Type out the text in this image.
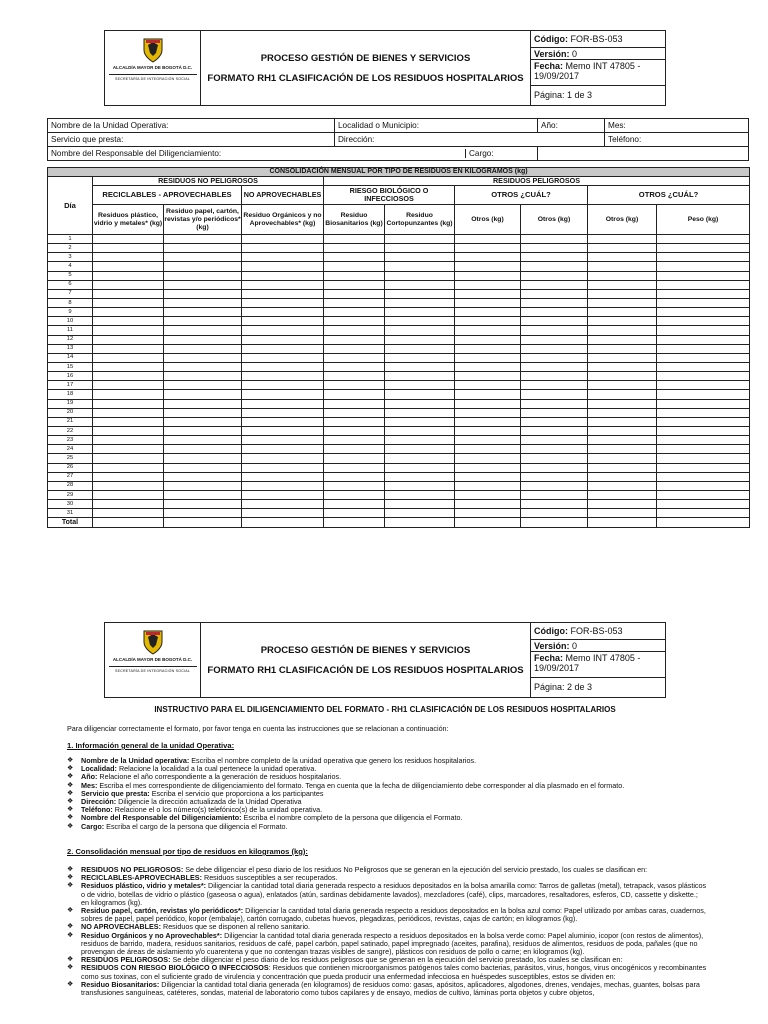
ALCALDÍA MAYOR DE BOGOTÁ D.C.
SECRETARÍA DE INTEGRACIÓN SOCIAL
PROCESO GESTIÓN DE BIENES Y SERVICIOS
FORMATO RH1 CLASIFICACIÓN DE LOS RESIDUOS HOSPITALARIOS
Código: FOR-BS-053
Versión: 0
Fecha: Memo INT 47805 - 19/09/2017
Página: 1 de 3
Nombre de la Unidad Operativa:	Localidad o Municipio:	Año:	Mes:
Servicio que presta:	Dirección:		Teléfono:

Nombre del Responsable del Diligenciamiento: Cargo:			

CONSOLIDACIÓN MENSUAL POR TIPO DE RESIDUOS EN KILOGRAMOS (kg)									
Día	RESIDUOS NO PELIGROSOS			RESIDUOS PELIGROSOS					
	RECICLABLES - APROVECHABLES		NO APROVECHABLES	RIESGO BIOLÓGICO O INFECCIOSOS		OTROS ¿CUÁL?		OTROS ¿CUÁL?	
	Residuos plástico, vidrio y metales* (kg)	Residuo papel, cartón, revistas y/o periódicos* (kg)	Residuo Orgánicos y no Aprovechables* (kg)	Residuo Biosanitarios (kg)	Residuo Cortopunzantes (kg)	Otros (kg)	Otros (kg)	Otros (kg)	Peso (kg)
1									
2									
3									
4									
5									
6									
7									
8									
9									
10									
11									
12									
13									
14									
15									
16									
17									
18									
19									
20									
21									
22									
23									
24									
25									
26									
27									
28									
29									
30									
31									
Total									
ALCALDÍA MAYOR DE BOGOTÁ D.C.
SECRETARÍA DE INTEGRACIÓN SOCIAL
PROCESO GESTIÓN DE BIENES Y SERVICIOS
FORMATO RH1 CLASIFICACIÓN DE LOS RESIDUOS HOSPITALARIOS
Código: FOR-BS-053
Versión: 0
Fecha: Memo INT 47805 - 19/09/2017
Página: 2 de 3
INSTRUCTIVO PARA EL DILIGENCIAMIENTO DEL FORMATO - RH1 CLASIFICACIÓN DE LOS RESIDUOS HOSPITALARIOS
Para diligenciar correctamente el formato, por favor tenga en cuenta las instrucciones que se relacionan a continuación:
1. Información general de la unidad Operativa:
❖ Nombre de la Unidad operativa: Escriba el nombre completo de la unidad operativa que genero los residuos hospitalarios.
❖ Localidad: Relacione la localidad a la cual pertenece la unidad operativa.
❖ Año: Relacione el año correspondiente a la generación de residuos hospitalarios.
❖ Mes: Escriba el mes correspondiente de diligenciamiento del formato. Tenga en cuenta que la fecha de diligenciamiento debe corresponder al día plasmado en el formato.
❖ Servicio que presta: Escriba el servicio que proporciona a los participantes
❖ Dirección: Diligencie la dirección actualizada de la Unidad Operativa
❖ Teléfono: Relacione el o los número(s) telefónico(s) de la unidad operativa.
❖ Nombre del Responsable del Diligenciamiento: Escriba el nombre completo de la persona que diligencia el Formato.
❖ Cargo: Escriba el cargo de la persona que diligencia el Formato.
2. Consolidación mensual por tipo de residuos en kilogramos (kg):
❖ RESIDUOS NO PELIGROSOS: Se debe diligenciar el peso diario de los residuos No Peligrosos que se generan en la ejecución del servicio prestado, los cuales se clasifican en:
❖ RECICLABLES-APROVECHABLES: Residuos susceptibles a ser recuperados.
❖ Residuos plástico, vidrio y metales*: Diligenciar la cantidad total diaria generada respecto a residuos depositados en la bolsa amarilla como: Tarros de galletas (metal), tetrapack, vasos plásticos o de vidrio, botellas de vidrio o plástico (gaseosa o agua), enlatados (atún, sardinas debidamente lavados), mezcladores (café), clips, marcadores, resaltadores, esferos, CD, cassette y diskette.; en kilogramos (kg).
❖ Residuo papel, cartón, revistas y/o periódicos*: Diligenciar la cantidad total diaria generada respecto a residuos depositados en la bolsa azul como: Papel utilizado por ambas caras, cuadernos, sobres de papel, papel periódico, kopor (embalaje), cartón corrugado, cubetas huevos, plegadizas, periódicos, revistas, cajas de cartón; en kilogramos (kg).
❖ NO APROVECHABLES: Residuos que se disponen al relleno sanitario.
❖ Residuo Orgánicos y no Aprovechables*: Diligenciar la cantidad total diaria generada respecto a residuos depositados en la bolsa verde como: Papel aluminio, icopor (con restos de alimentos), residuos de barrido, madera, residuos sanitarios, residuos de café, papel carbón, papel satinado, papel impregnado (aceites, parafina), residuos de alimentos, residuos de poda, pañales (que no provengan de áreas de aislamiento y/o cuarentena y que no contengan trazas visibles de sangre), plásticos con residuos de pollo o carne; en kilogramos (kg).
❖ RESIDUOS PELIGROSOS: Se debe diligenciar el peso diario de los residuos peligrosos que se generan en la ejecución del servicio prestado, los cuales se clasifican en:
❖ RESIDUOS CON RIESGO BIOLÓGICO O INFECCIOSOS: Residuos que contienen microorganismos patógenos tales como bacterias, parásitos, virus, hongos, virus oncogénicos y recombinantes como sus toxinas, con el suficiente grado de virulencia y concentración que pueda producir una enfermedad infecciosa en huéspedes susceptibles, estos se dividen en:
❖ Residuo Biosanitarios: Diligenciar la cantidad total diaria generada (en kilogramos) de residuos como: gasas, apósitos, aplicadores, algodones, drenes, vendajes, mechas, guantes, bolsas para transfusiones sanguíneas, catéteres, sondas, material de laboratorio como tubos capilares y de ensayo, medios de cultivo, láminas porta objetos y cubre objetos,
